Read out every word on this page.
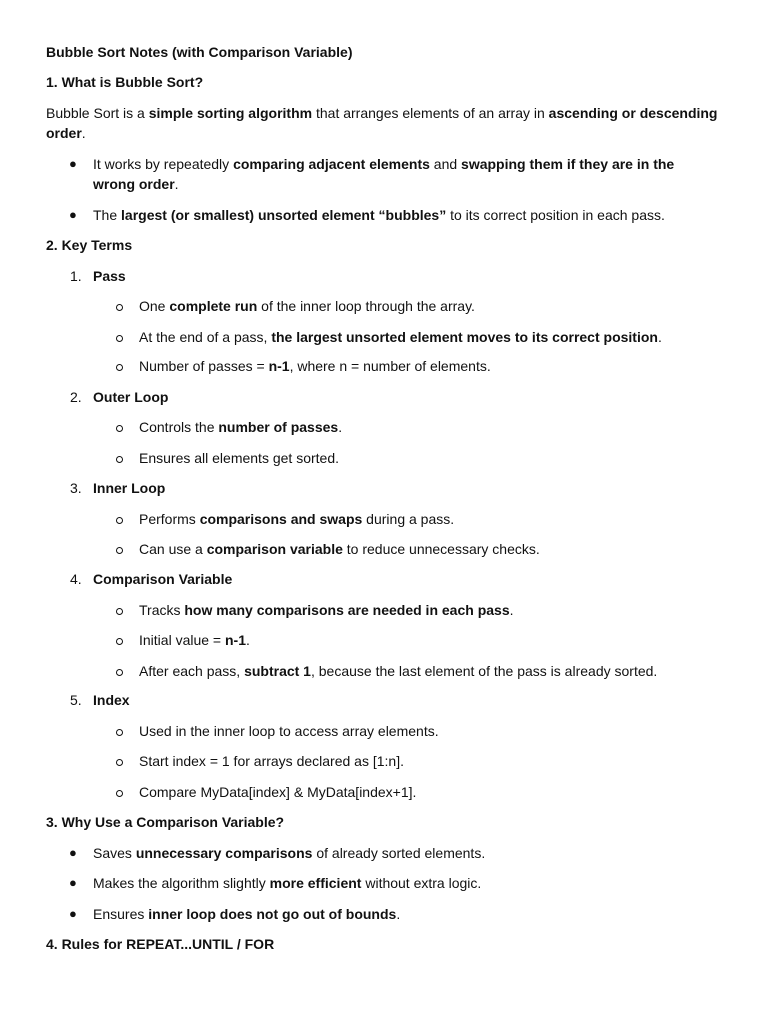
Bubble Sort Notes (with Comparison Variable)
1. What is Bubble Sort?
Bubble Sort is a simple sorting algorithm that arranges elements of an array in ascending or descending order.
● It works by repeatedly comparing adjacent elements and swapping them if they are in the wrong order.
● The largest (or smallest) unsorted element “bubbles” to its correct position in each pass.
2. Key Terms
1. Pass
One complete run of the inner loop through the array.
At the end of a pass, the largest unsorted element moves to its correct position.
Number of passes = n-1, where n = number of elements.
2. Outer Loop
Controls the number of passes.
Ensures all elements get sorted.
3. Inner Loop
Performs comparisons and swaps during a pass.
Can use a comparison variable to reduce unnecessary checks.
4. Comparison Variable
Tracks how many comparisons are needed in each pass.
Initial value = n-1.
After each pass, subtract 1, because the last element of the pass is already sorted.
5. Index
Used in the inner loop to access array elements.
Start index = 1 for arrays declared as [1:n].
Compare MyData[index] & MyData[index+1].
3. Why Use a Comparison Variable?
● Saves unnecessary comparisons of already sorted elements.
● Makes the algorithm slightly more efficient without extra logic.
● Ensures inner loop does not go out of bounds.
4. Rules for REPEAT...UNTIL / FOR
